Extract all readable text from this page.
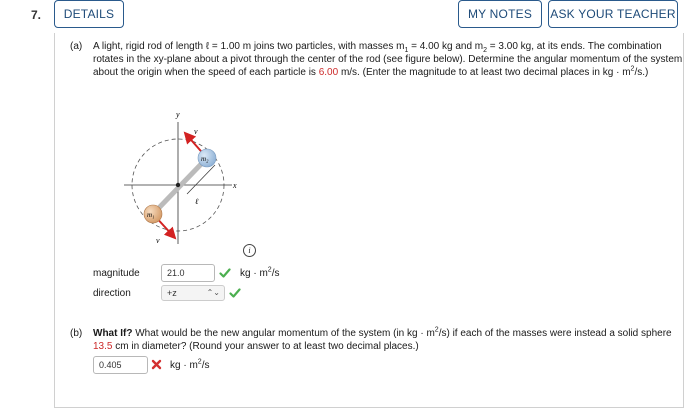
7.	DETAILS	MY NOTES	ASK YOUR TEACHER
(a) A light, rigid rod of length ℓ = 1.00 m joins two particles, with masses $m_1 = 4.00$ kg and $m_2 = 3.00$ kg, at its ends. The combination rotates in the xy-plane about a pivot through the center of the rod (see figure below). Determine the angular momentum of the system about the origin when the speed of each particle is 6.00 m/s. (Enter the magnitude to at least two decimal places in kg · $m^2/s$.)
y
x
ℓ
v⃗
v⃗
m₂
m₁
i
magnitude	21.0	kg · $m^2/s$
direction	+z	⌃⌄
(b) What If? What would be the new angular momentum of the system (in kg · $m^2/s$) if each of the masses were instead a solid sphere 13.5 cm in diameter? (Round your answer to at least two decimal places.)
0.405	kg · $m^2/s$
